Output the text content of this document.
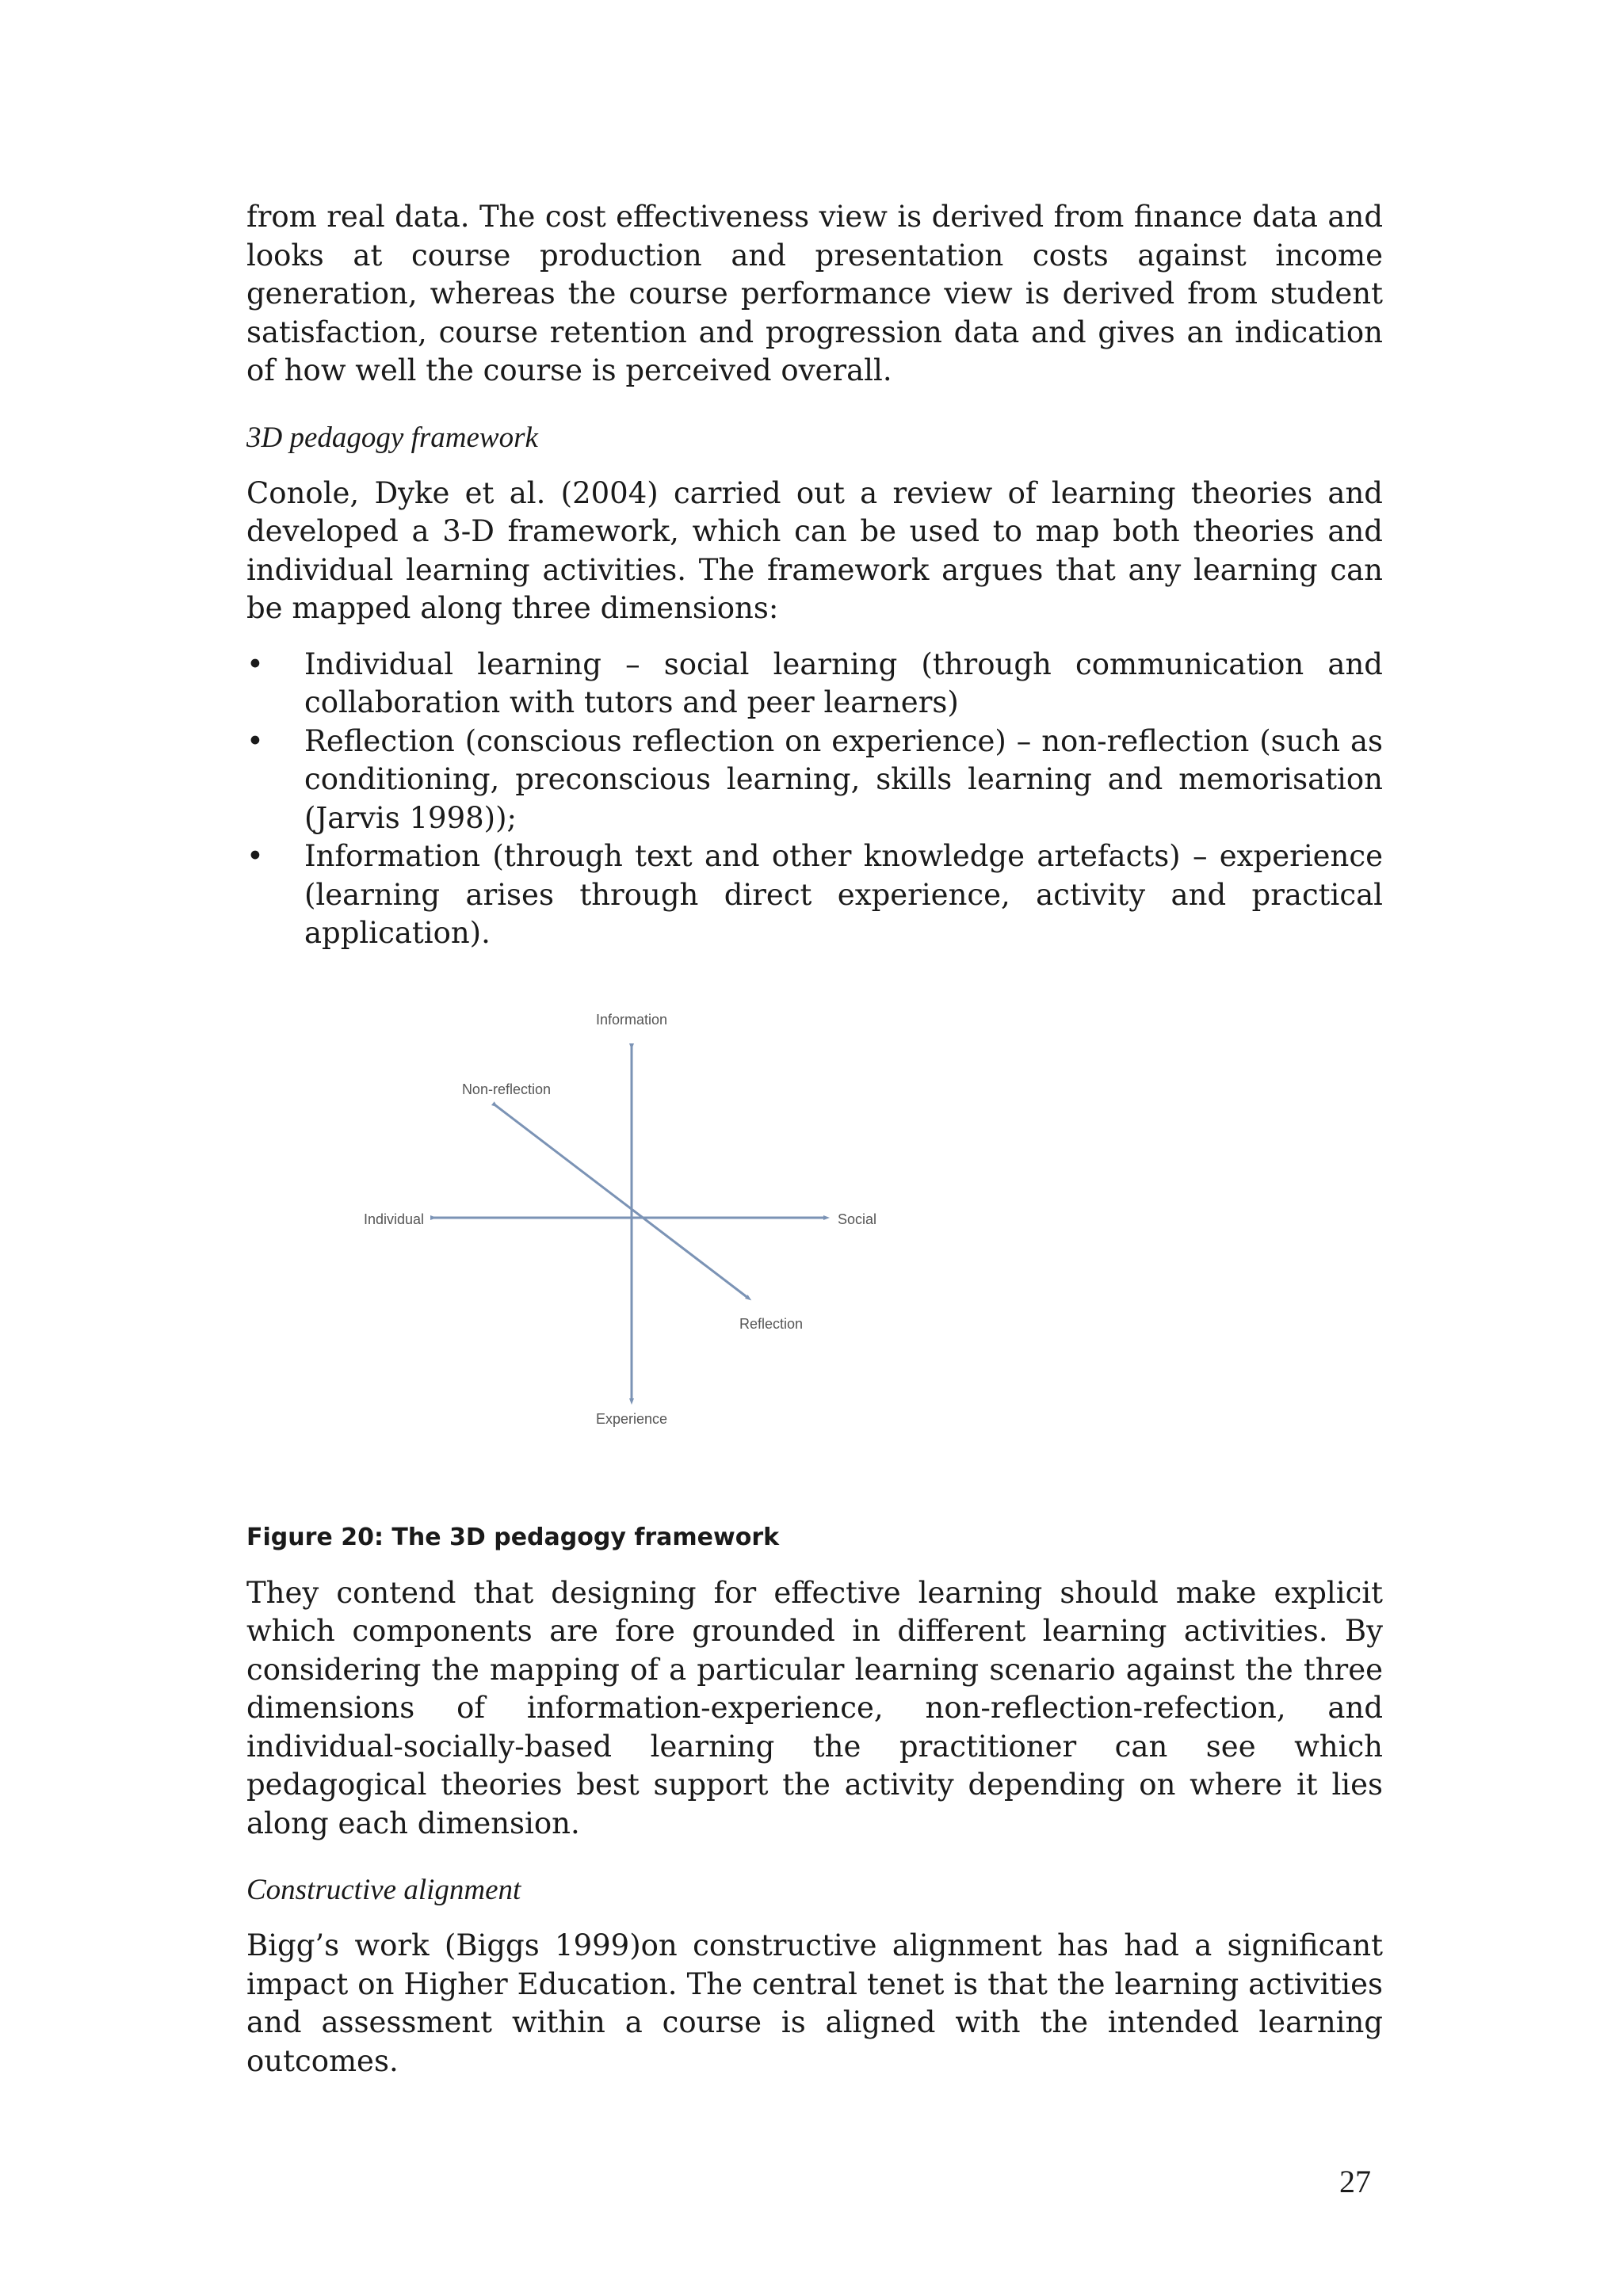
from real data. The cost effectiveness view is derived from finance data and looks at course production and presentation costs against income generation, whereas the course performance view is derived from student satisfaction, course retention and progression data and gives an indication of how well the course is perceived overall.

3D pedagogy framework

Conole, Dyke et al. (2004) carried out a review of learning theories and developed a 3-D framework, which can be used to map both theories and individual learning activities. The framework argues that any learning can be mapped along three dimensions:

• Individual learning – social learning (through communication and collaboration with tutors and peer learners)
• Reflection (conscious reflection on experience) – non-reflection (such as conditioning, preconscious learning, skills learning and memorisation (Jarvis 1998));
• Information (through text and other knowledge artefacts) – experience (learning arises through direct experience, activity and practical application).
Information
Experience
Individual	Social
Non-reflection
Reflection

Figure 20: The 3D pedagogy framework

They contend that designing for effective learning should make explicit which components are fore grounded in different learning activities. By considering the mapping of a particular learning scenario against the three dimensions of information-experience, non-reflection-refection, and individual-socially-based learning the practitioner can see which pedagogical theories best support the activity depending on where it lies along each dimension.

Constructive alignment

Bigg’s work (Biggs 1999)on constructive alignment has had a significant impact on Higher Education. The central tenet is that the learning activities and assessment within a course is aligned with the intended learning outcomes.

27
